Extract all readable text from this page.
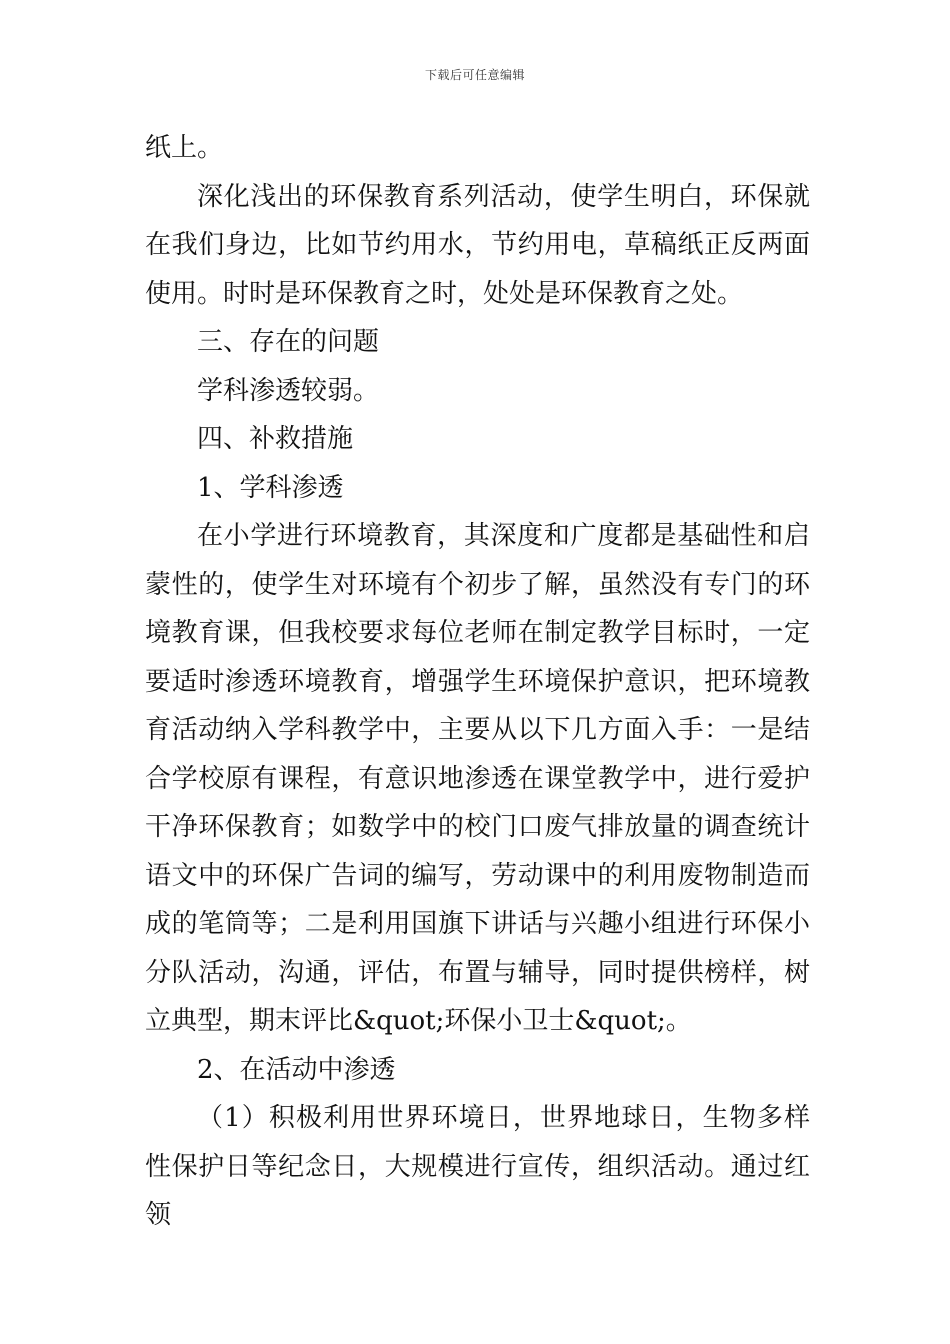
下载后可任意编辑

纸上。

深化浅出的环保教育系列活动，使学生明白，环保就在我们身边，比如节约用水，节约用电，草稿纸正反两面使用。时时是环保教育之时，处处是环保教育之处。

三、存在的问题

学科渗透较弱。

四、补救措施

1、学科渗透

在小学进行环境教育，其深度和广度都是基础性和启蒙性的，使学生对环境有个初步了解，虽然没有专门的环境教育课，但我校要求每位老师在制定教学目标时，一定要适时渗透环境教育，增强学生环境保护意识，把环境教育活动纳入学科教学中，主要从以下几方面入手：一是结合学校原有课程，有意识地渗透在课堂教学中，进行爱护干净环保教育；如数学中的校门口废气排放量的调查统计语文中的环保广告词的编写，劳动课中的利用废物制造而成的笔筒等；二是利用国旗下讲话与兴趣小组进行环保小分队活动，沟通，评估，布置与辅导，同时提供榜样，树立典型，期末评比&quot;环保小卫士&quot;。

2、在活动中渗透

（1）积极利用世界环境日，世界地球日，生物多样性保护日等纪念日，大规模进行宣传，组织活动。通过红领
